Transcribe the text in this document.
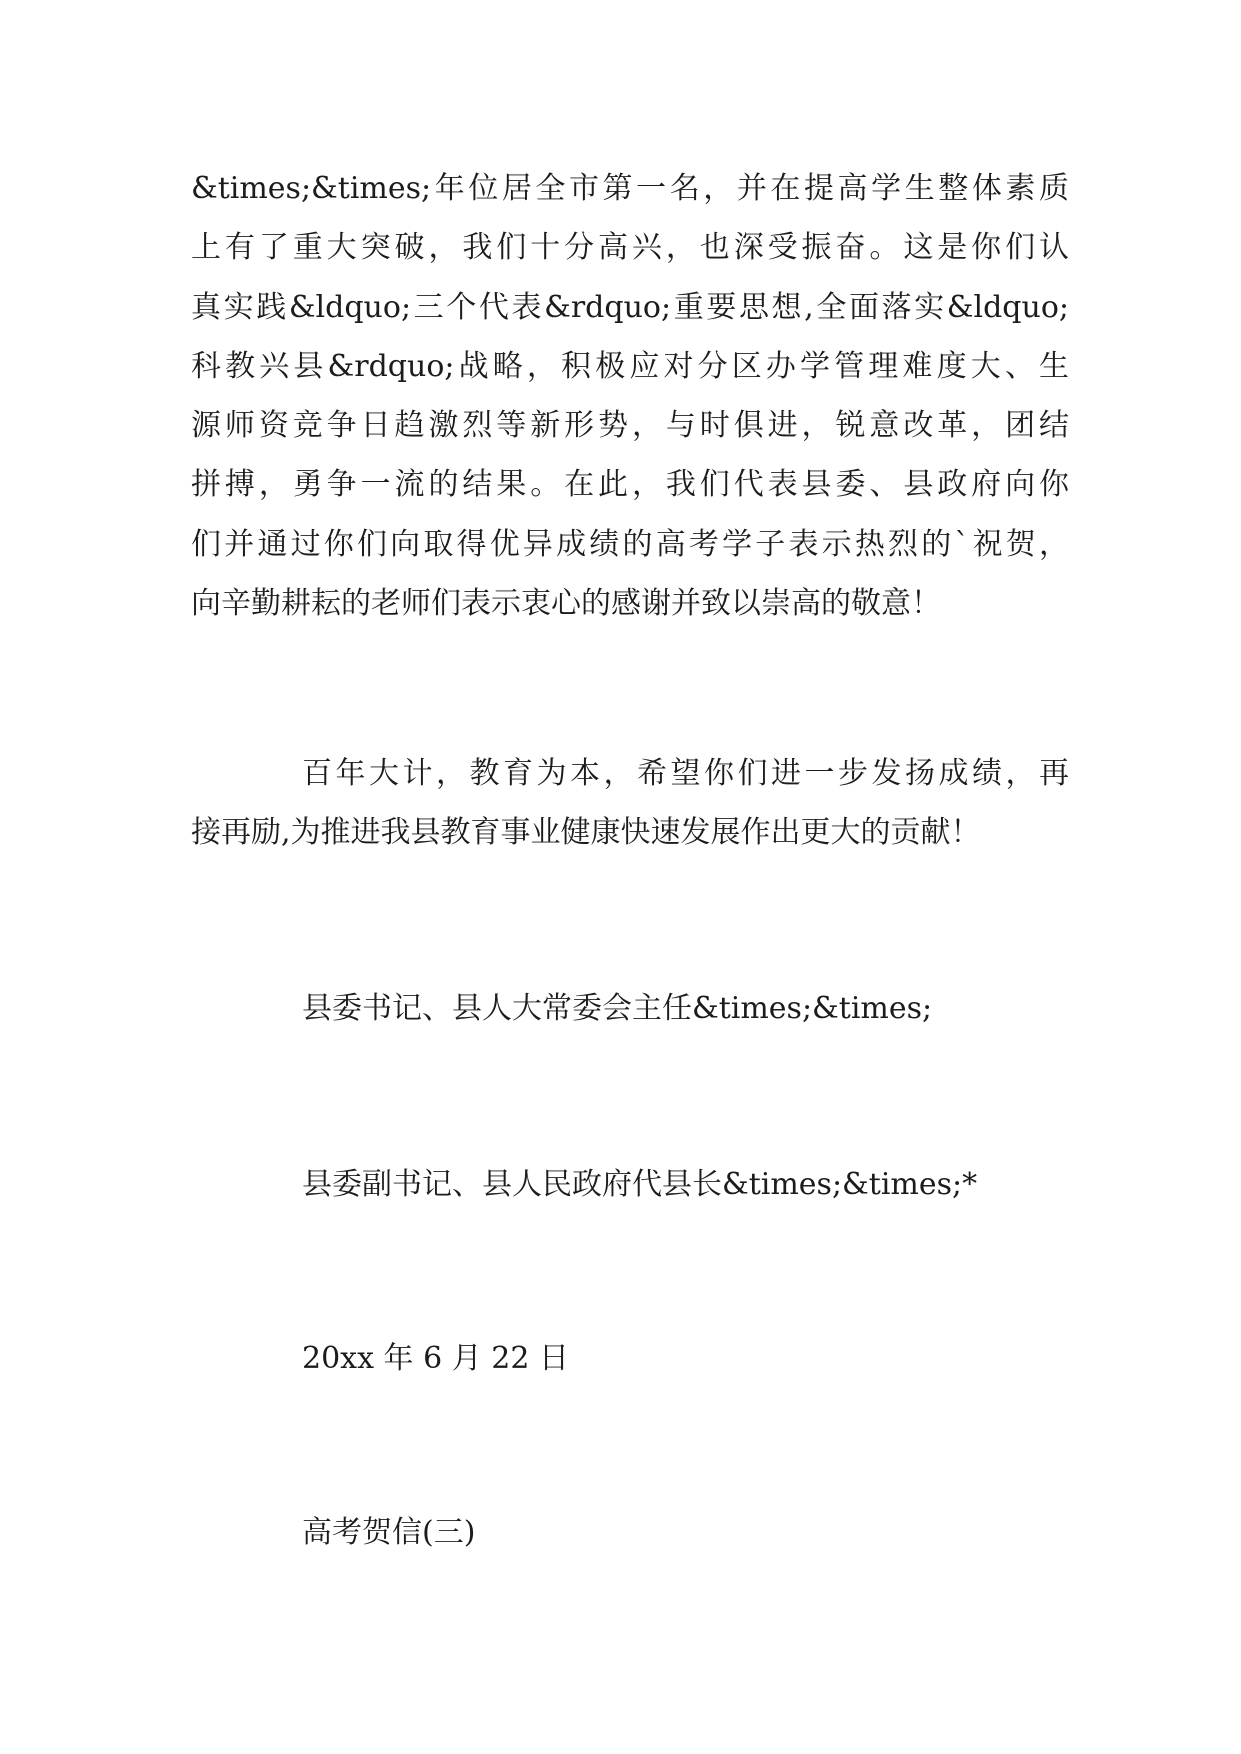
&times;&times;年位居全市第一名，并在提高学生整体素质
上有了重大突破，我们十分高兴，也深受振奋。这是你们认
真实践&ldquo;三个代表&rdquo;重要思想,全面落实&ldquo;
科教兴县&rdquo;战略，积极应对分区办学管理难度大、生
源师资竞争日趋激烈等新形势，与时俱进，锐意改革，团结
拼搏，勇争一流的结果。在此，我们代表县委、县政府向你
们并通过你们向取得优异成绩的高考学子表示热烈的`祝贺，
向辛勤耕耘的老师们表示衷心的感谢并致以崇高的敬意！
百年大计，教育为本，希望你们进一步发扬成绩，再
接再励,为推进我县教育事业健康快速发展作出更大的贡献！
县委书记、县人大常委会主任&times;&times;
县委副书记、县人民政府代县长&times;&times;*
20xx 年 6 月 22 日
高考贺信(三)
